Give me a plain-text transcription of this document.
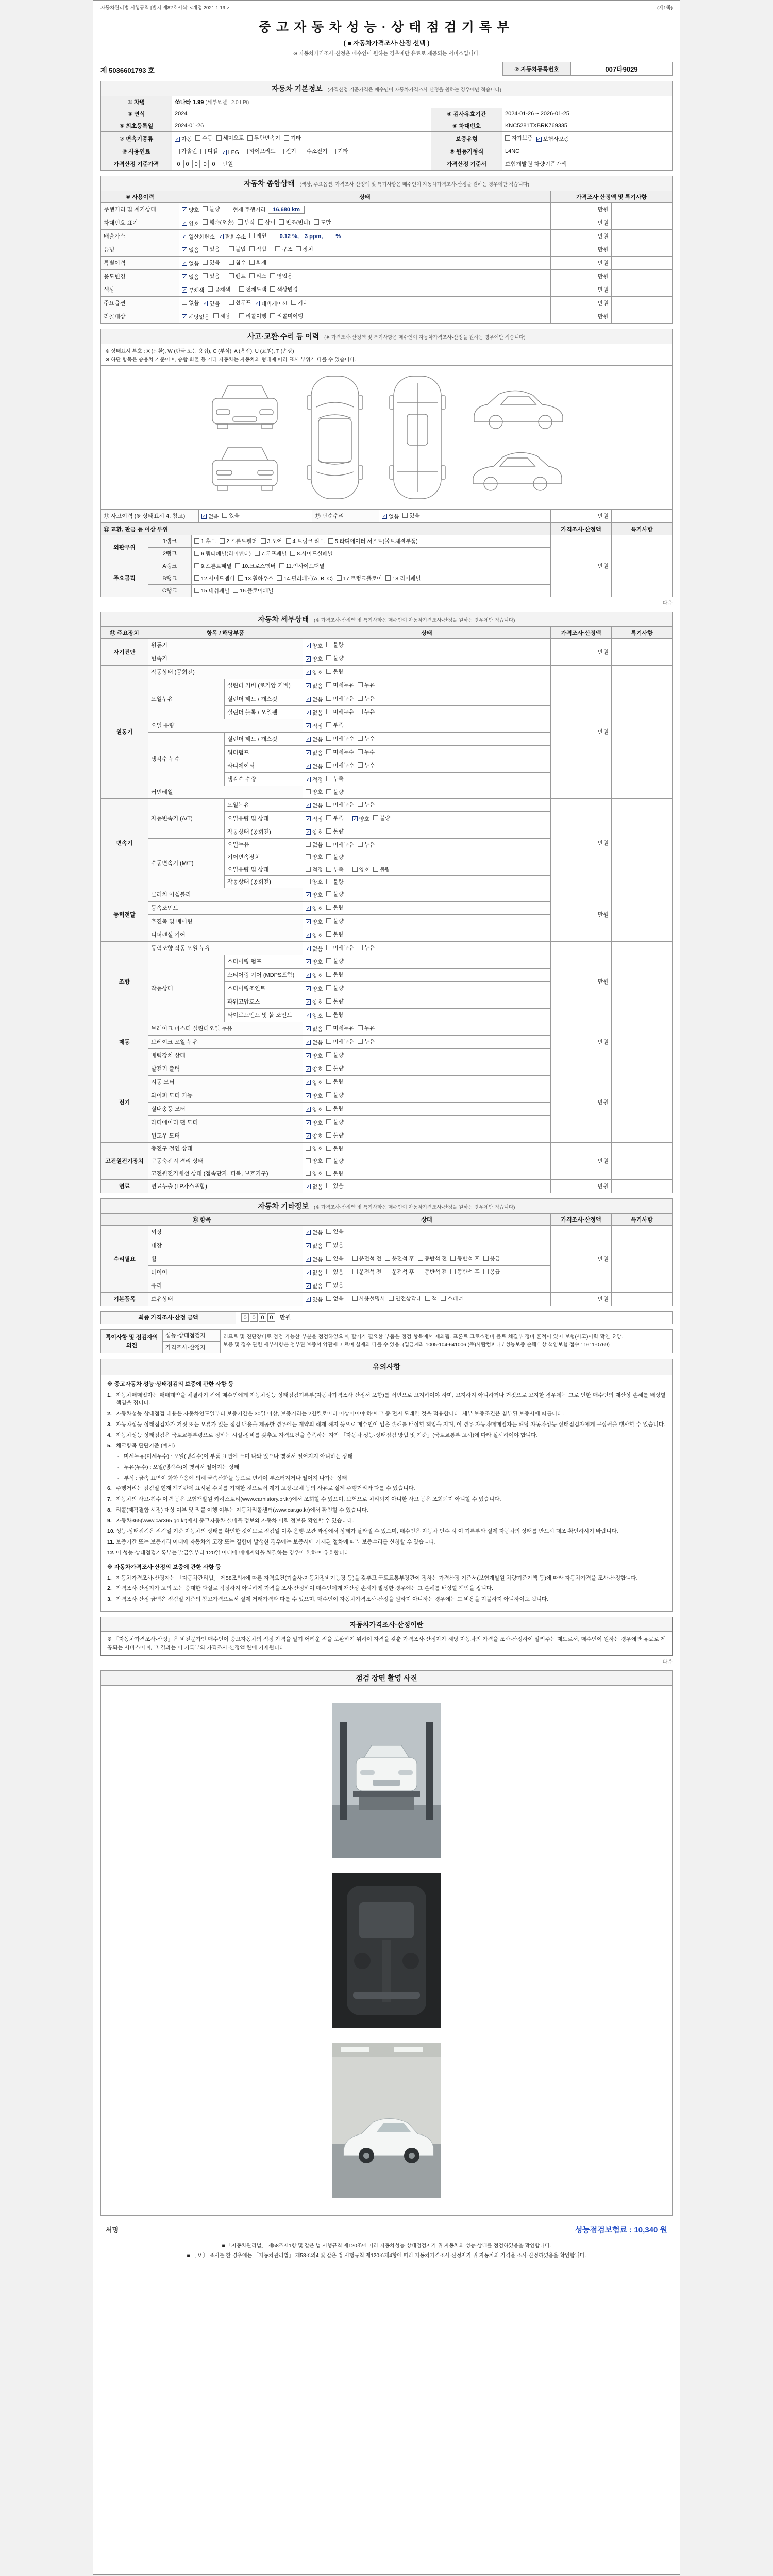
자동차관리법 시행규칙 [별지 제82호서식] <개정 2021.1.19.>	(제1쪽)
중고자동차성능·상태점검기록부
( ■ 자동차가격조사·산정 선택 )
※ 자동차가격조사·산정은 매수인이 원하는 경우에만 유료로 제공되는 서비스입니다.
제 5036601793 호	② 자동차등록번호	007타9029
자동차 기본정보 (가격산정 기준가격은 매수인이 자동차가격조사·산정을 원하는 경우에만 적습니다)
① 차명	쏘나타 1.99 (세부모델 : 2.0 LPi)		
③ 연식	2024	④ 검사유효기간	2024-01-26 ~ 2026-01-25
⑤ 최초등록일	2024-01-26	⑥ 차대번호	KNC5281TXBRK769335
⑦ 변속기종류	✓ 자동 수동 세미오토 무단변속기 기타	보증유형	자가보증 ✓ 보험사보증

⑧ 사용연료	가솔린 디젤 ✓ LPG 하이브리드 전기 수소전기 기타	⑨ 원동기형식	L4NC
가격산정 기준가격	0 0 0 0 0 만원	가격산정 기준서	보험개발원 차량기준가액
자동차 종합상태 (색상, 주요옵션, 가격조사·산정액 및 특기사항은 매수인이 자동차가격조사·산정을 원하는 경우에만 적습니다)
⑩ 사용이력	상태	가격조사·산정액 및 특기사항	
주행거리 및 계기상태	✓ 양호 불량 현재 주행거리 16,680 km	만원	
차대번호 표기	✓ 양호 훼손(오손) 부식 상이 변조(변타) 도말	만원	
배출가스	✓ 일산화탄소 ✓ 탄화수소 매연 0.12 %,　3 ppm,　　 %	만원	
튜닝	✓ 없음 있음	불법 적법	구조 장치	만원	
특별이력	✓ 없음 있음 침수 화재	만원	
용도변경	✓ 없음 있음	렌트 리스 영업용	만원	
색상	✓ 무채색 유채색 전체도색 색상변경	만원	
주요옵션	없음 ✓ 있음	선루프 ✓ 네비게이션 기타	만원	
리콜대상	✓ 해당없음 해당 리콜이행 리콜미이행	만원	
사고·교환·수리 등 이력 (※ 가격조사·산정액 및 특기사항은 매수인이 자동차가격조사·산정을 원하는 경우에만 적습니다)
※ 상태표시 부호 : X (교환), W (판금 또는 용접), C (부식), A (흠집), U (요철), T (손상)
※ 하단 항목은 승용차 기준이며, 승합·화물 등 기타 자동차는 자동차의 형태에 따라 표시 부위가 다를 수 있습니다.
⑪ 사고이력 (※ 상태표시 4. 참고)	✓ 없음 있음	⑫ 단순수리	✓ 없음 있음	만원	
⑬ 교환, 판금 등 이상 부위			가격조사·산정액	특기사항
외판부위	1랭크	1.후드 2.프론트펜더 3.도어 4.트렁크 리드 5.라디에이터 서포트(볼트체결부품)	만원	
	2랭크	6.쿼터패널(리어펜더) 7.루프패널 8.사이드실패널		

주요골격	A랭크	9.프론트패널 10.크로스멤버 11.인사이드패널		

	B랭크	12.사이드멤버 13.휠하우스 14.필러패널(A, B, C) 17.트렁크플로어 18.리어패널		

	C랭크	15.대쉬패널 16.플로어패널		
다음
자동차 세부상태 (※ 가격조사·산정액 및 특기사항은 매수인이 자동차가격조사·산정을 원하는 경우에만 적습니다)
⑭ 주요장치	항목 / 해당부품		상태	가격조사·산정액	특기사항
자기진단	원동기		✓ 양호 불량	만원	
	변속기		✓ 양호 불량		

원동기	작동상태 (공회전)		✓ 양호 불량	만원	
	오일누유	실린더 커버 (로커암 커버)	✓ 없음 미세누유 누유		

		실린더 헤드 / 개스킷	✓ 없음 미세누유 누유		

		실린더 블록 / 오일팬	✓ 없음 미세누유 누유		

	오일 유량		✓ 적정 부족		

	냉각수 누수	실린더 헤드 / 개스킷	✓ 없음 미세누수 누수		

		워터펌프	✓ 없음 미세누수 누수		

		라디에이터	✓ 없음 미세누수 누수		

		냉각수 수량	✓ 적정 부족		

	커먼레일		양호 불량		

변속기	자동변속기 (A/T)	오일누유	✓ 없음 미세누유 누유	만원	
오일유량 및 상태	✓ 적정 부족 ✓ 양호 불량

		작동상태 (공회전)	✓ 양호 불량		

	수동변속기 (M/T)	오일누유	없음 미세누유 누유		

		기어변속장치	양호 불량		

		오일유량 및 상태	적정 부족 양호 불량		

		작동상태 (공회전)	양호 불량		

동력전달	클러치 어셈블리		✓ 양호 불량	만원	
	등속조인트		✓ 양호 불량		

	추진축 및 베어링		✓ 양호 불량		

	디퍼렌셜 기어		✓ 양호 불량		

조향	동력조향 작동 오일 누유		✓ 없음 미세누유 누유	만원	
	작동상태	스티어링 펌프	✓ 양호 불량		

		스티어링 기어 (MDPS포함)	✓ 양호 불량		

		스티어링조인트	✓ 양호 불량		

		파워고압호스	✓ 양호 불량		

		타이로드엔드 및 볼 조인트	✓ 양호 불량		

제동	브레이크 마스터 실린더오일 누유		✓ 없음 미세누유 누유	만원	
	브레이크 오일 누유		✓ 없음 미세누유 누유		

	배력장치 상태		✓ 양호 불량		

전기	발전기 출력		✓ 양호 불량	만원	
	시동 모터		✓ 양호 불량		

	와이퍼 모터 기능		✓ 양호 불량		

	실내송풍 모터		✓ 양호 불량		

	라디에이터 팬 모터		✓ 양호 불량		

	윈도우 모터		✓ 양호 불량		

고전원전기장치	충전구 절연 상태		양호 불량	만원	
	구동축전지 격리 상태		양호 불량		

	고전원전기배선 상태 (접속단자, 피복, 보호기구)		양호 불량		

연료	연료누출 (LP가스포함)		✓ 없음 있음	만원	
자동차 기타정보 (※ 가격조사·산정액 및 특기사항은 매수인이 자동차가격조사·산정을 원하는 경우에만 적습니다)
⑮ 항목		상태	가격조사·산정액	특기사항
수리필요	외장	✓ 없음 있음	만원	
	내장	✓ 없음 있음		

휠	✓ 없음 있음	운전석 전 운전석 후 동반석 전 동반석 후 응급

타이어	✓ 없음 있음	운전석 전 운전석 후 동반석 전 동반석 후 응급

	유리	✓ 없음 있음		

기본품목	보유상태	✓ 있음 없음	사용설명서 안전삼각대 잭 스패너	만원	
최종 가격조사·산정 금액	0 0 0 0 만원
특이사항 및 점검자의 의견	성능·상태점검자	리프트 및 진단장비로 점검 가능한 부분을 점검하였으며, 탈거가 필요한 부품은 점검 항목에서 제외됨. 프론트 크로스멤버 볼트 체결부 정비 흔적이 있어 보험(사고)이력 확인 요망. 보증 및 접수 관련 세부사항은 첨부된 보증서 약관에 따르며 실제와 다를 수 있음. (입금계좌 1005-104-641006 (주)사람컴퍼니 / 성능보증 손해배상 책임보험 접수 : 1611-0769)	
가격조사·산정자
유의사항
※ 중고자동차 성능·상태점검의 보증에 관한 사항 등
1. 자동차매매업자는 매매계약을 체결하기 전에 매수인에게 자동차성능·상태점검기록부(자동차가격조사·산정서 포함)를 서면으로 고지하여야 하며, 고지하지 아니하거나 거짓으로 고지한 경우에는 그로 인한 매수인의 재산상 손해를 배상할 책임을 집니다.
2. 자동차성능·상태점검 내용은 자동차인도일부터 보증기간은 30일 이상, 보증거리는 2천킬로미터 이상이어야 하며 그 중 먼저 도래한 것을 적용합니다. 세부 보증조건은 첨부된 보증서에 따릅니다.
3. 자동차성능·상태점검자가 거짓 또는 오류가 있는 점검 내용을 제공한 경우에는 계약의 해제·해지 등으로 매수인이 입은 손해를 배상할 책임을 지며, 이 경우 자동차매매업자는 해당 자동차성능·상태점검자에게 구상권을 행사할 수 있습니다.
4. 자동차성능·상태점검은 국토교통부령으로 정하는 시설·장비를 갖추고 자격요건을 충족하는 자가 「자동차 성능·상태점검 방법 및 기준」(국토교통부 고시)에 따라 실시하여야 합니다.
5. 체크항목 판단기준 (예시)
- 미세누유(미세누수) : 오일(냉각수)이 부품 표면에 스며 나와 있으나 맺혀서 떨어지지 아니하는 상태
- 누유(누수) : 오일(냉각수)이 맺혀서 떨어지는 상태
- 부식 : 금속 표면이 화학반응에 의해 금속산화물 등으로 변하여 부스러지거나 떨어져 나가는 상태
6. 주행거리는 점검일 현재 계기판에 표시된 수치를 기재한 것으로서 계기 고장·교체 등의 사유로 실제 주행거리와 다를 수 있습니다.
7. 자동차의 사고·침수 이력 등은 보험개발원 카히스토리(www.carhistory.or.kr)에서 조회할 수 있으며, 보험으로 처리되지 아니한 사고 등은 조회되지 아니할 수 있습니다.
8. 리콜(제작결함 시정) 대상 여부 및 리콜 이행 여부는 자동차리콜센터(www.car.go.kr)에서 확인할 수 있습니다.
9. 자동차365(www.car365.go.kr)에서 중고자동차 실매물 정보와 자동차 이력 정보를 확인할 수 있습니다.
10. 성능·상태점검은 점검일 기준 자동차의 상태를 확인한 것이므로 점검일 이후 운행·보관 과정에서 상태가 달라질 수 있으며, 매수인은 자동차 인수 시 이 기록부와 실제 자동차의 상태를 반드시 대조·확인하시기 바랍니다.
11. 보증기간 또는 보증거리 이내에 자동차의 고장 또는 결함이 발생한 경우에는 보증서에 기재된 절차에 따라 보증수리를 신청할 수 있습니다.
12. 이 성능·상태점검기록부는 발급일부터 120일 이내에 매매계약을 체결하는 경우에 한하여 유효합니다.
※ 자동차가격조사·산정의 보증에 관한 사항 등
1. 자동차가격조사·산정자는 「자동차관리법」 제58조의4에 따른 자격요건(기술사·자동차정비기능장 등)을 갖추고 국토교통부장관이 정하는 가격산정 기준서(보험개발원 차량기준가액 등)에 따라 자동차가격을 조사·산정합니다.
2. 가격조사·산정자가 고의 또는 중대한 과실로 적정하지 아니하게 가격을 조사·산정하여 매수인에게 재산상 손해가 발생한 경우에는 그 손해를 배상할 책임을 집니다.
3. 가격조사·산정 금액은 점검일 기준의 참고가격으로서 실제 거래가격과 다를 수 있으며, 매수인이 자동차가격조사·산정을 원하지 아니하는 경우에는 그 비용을 지불하지 아니하여도 됩니다.
자동차가격조사·산정이란
※ 「자동차가격조사·산정」은 비전문가인 매수인이 중고자동차의 적정 가격을 알기 어려운 점을 보완하기 위하여 자격을 갖춘 가격조사·산정자가 해당 자동차의 가격을 조사·산정하여 알려주는 제도로서, 매수인이 원하는 경우에만 유료로 제공되는 서비스이며, 그 결과는 이 기록부의 가격조사·산정액 란에 기재됩니다.
다음
점검 장면 촬영 사진
서명	성능점검보험료 : 10,340 원
■ 「자동차관리법」 제58조제1항 및 같은 법 시행규칙 제120조에 따라 자동차성능·상태점검자가 위 자동차의 성능·상태를 점검하였음을 확인합니다.
■ 〔 V 〕 표시를 한 경우에는 「자동차관리법」 제58조의4 및 같은 법 시행규칙 제120조제4항에 따라 자동차가격조사·산정자가 위 자동차의 가격을 조사·산정하였음을 확인합니다.
